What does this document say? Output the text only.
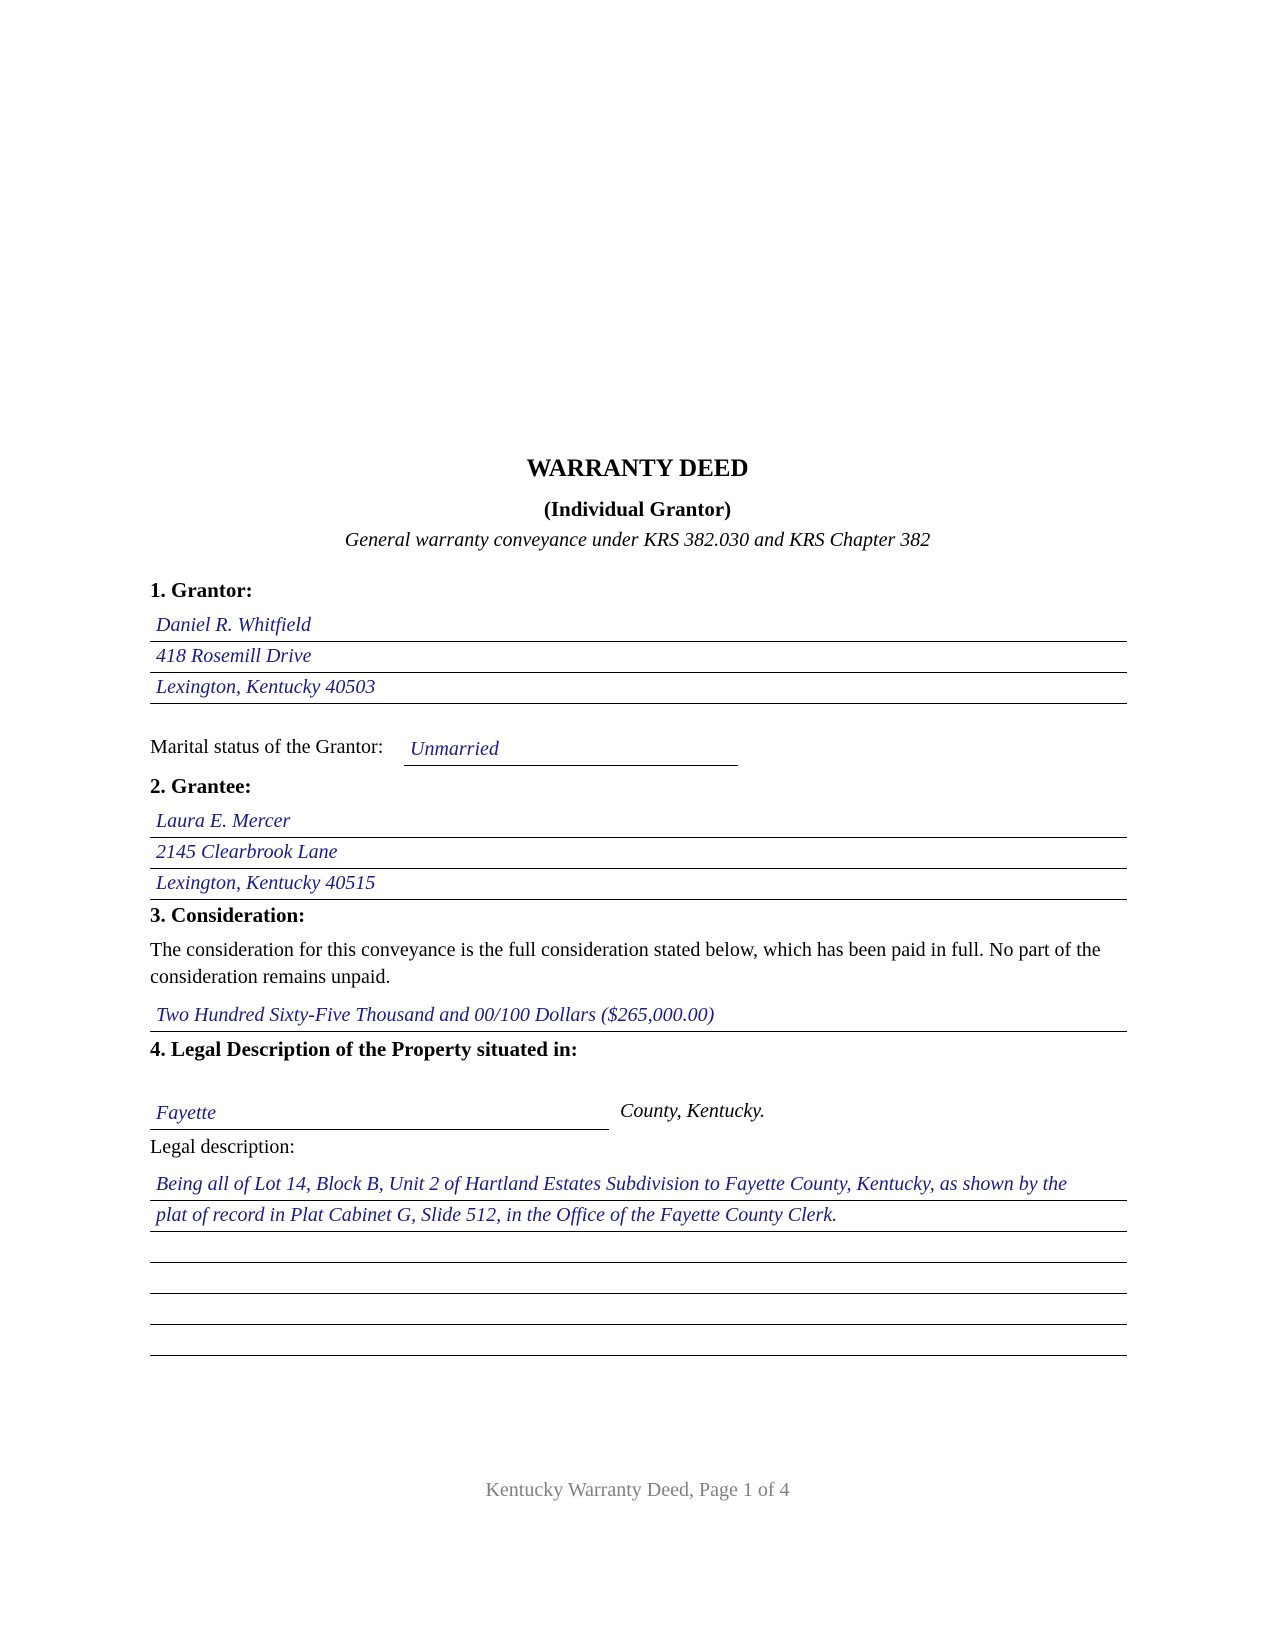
WARRANTY DEED
(Individual Grantor)
General warranty conveyance under KRS 382.030 and KRS Chapter 382
1. Grantor:
Daniel R. Whitfield
418 Rosemill Drive
Lexington, Kentucky 40503
Marital status of the Grantor:	Unmarried
2. Grantee:
Laura E. Mercer
2145 Clearbrook Lane
Lexington, Kentucky 40515
3. Consideration:
The consideration for this conveyance is the full consideration stated below, which has been paid in full. No part of the consideration remains unpaid.
Two Hundred Sixty-Five Thousand and 00/100 Dollars ($265,000.00)
4. Legal Description of the Property situated in:
Fayette	County, Kentucky.
Legal description:
Being all of Lot 14, Block B, Unit 2 of Hartland Estates Subdivision to Fayette County, Kentucky, as shown by the
plat of record in Plat Cabinet G, Slide 512, in the Office of the Fayette County Clerk.
Kentucky Warranty Deed, Page 1 of 4
